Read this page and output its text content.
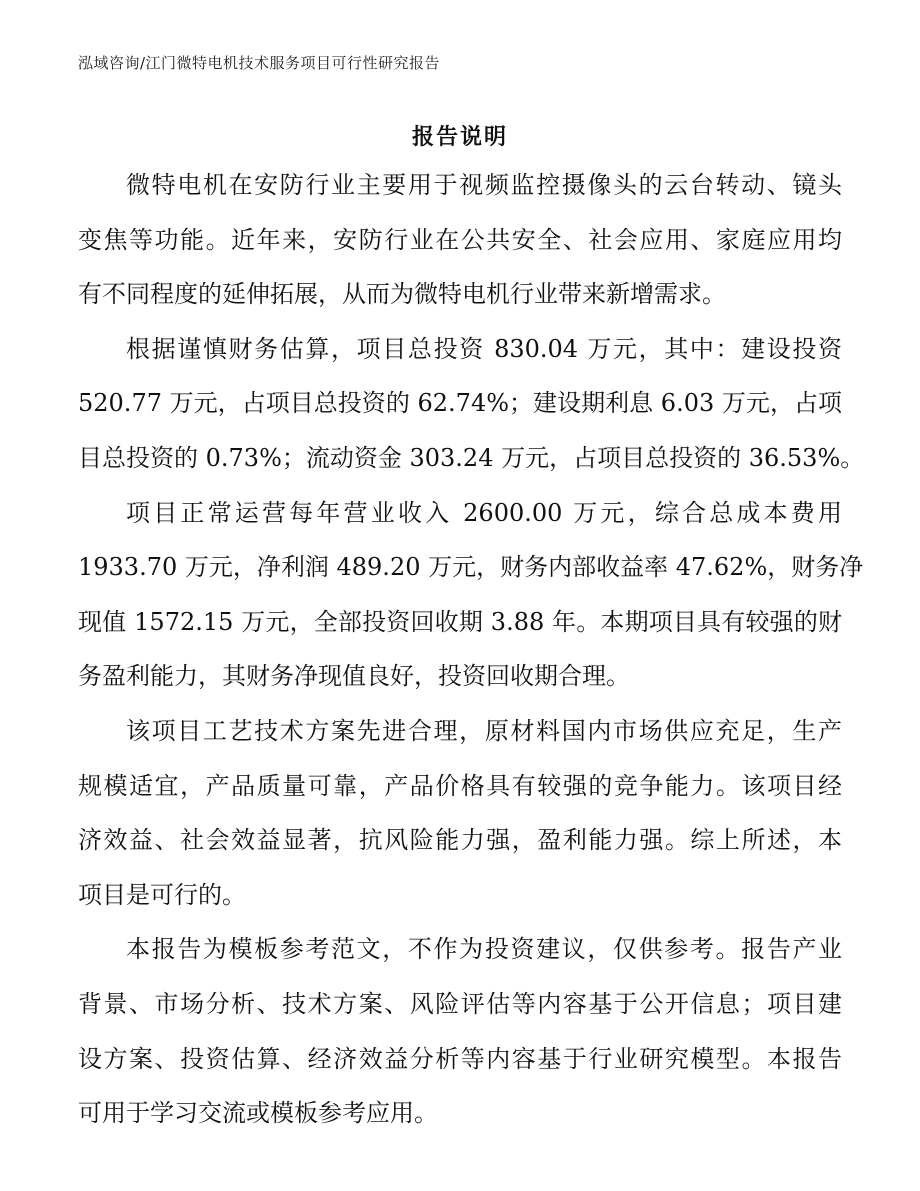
泓域咨询/江门微特电机技术服务项目可行性研究报告
报告说明
微特电机在安防行业主要用于视频监控摄像头的云台转动、镜头
变焦等功能。近年来，安防行业在公共安全、社会应用、家庭应用均
有不同程度的延伸拓展，从而为微特电机行业带来新增需求。
根据谨慎财务估算，项目总投资 830.04 万元，其中：建设投资
520.77 万元，占项目总投资的 62.74%；建设期利息 6.03 万元，占项
目总投资的 0.73%；流动资金 303.24 万元，占项目总投资的 36.53%。
项目正常运营每年营业收入 2600.00 万元，综合总成本费用
1933.70 万元，净利润 489.20 万元，财务内部收益率 47.62%，财务净
现值 1572.15 万元，全部投资回收期 3.88 年。本期项目具有较强的财
务盈利能力，其财务净现值良好，投资回收期合理。
该项目工艺技术方案先进合理，原材料国内市场供应充足，生产
规模适宜，产品质量可靠，产品价格具有较强的竞争能力。该项目经
济效益、社会效益显著，抗风险能力强，盈利能力强。综上所述，本
项目是可行的。
本报告为模板参考范文，不作为投资建议，仅供参考。报告产业
背景、市场分析、技术方案、风险评估等内容基于公开信息；项目建
设方案、投资估算、经济效益分析等内容基于行业研究模型。本报告
可用于学习交流或模板参考应用。
